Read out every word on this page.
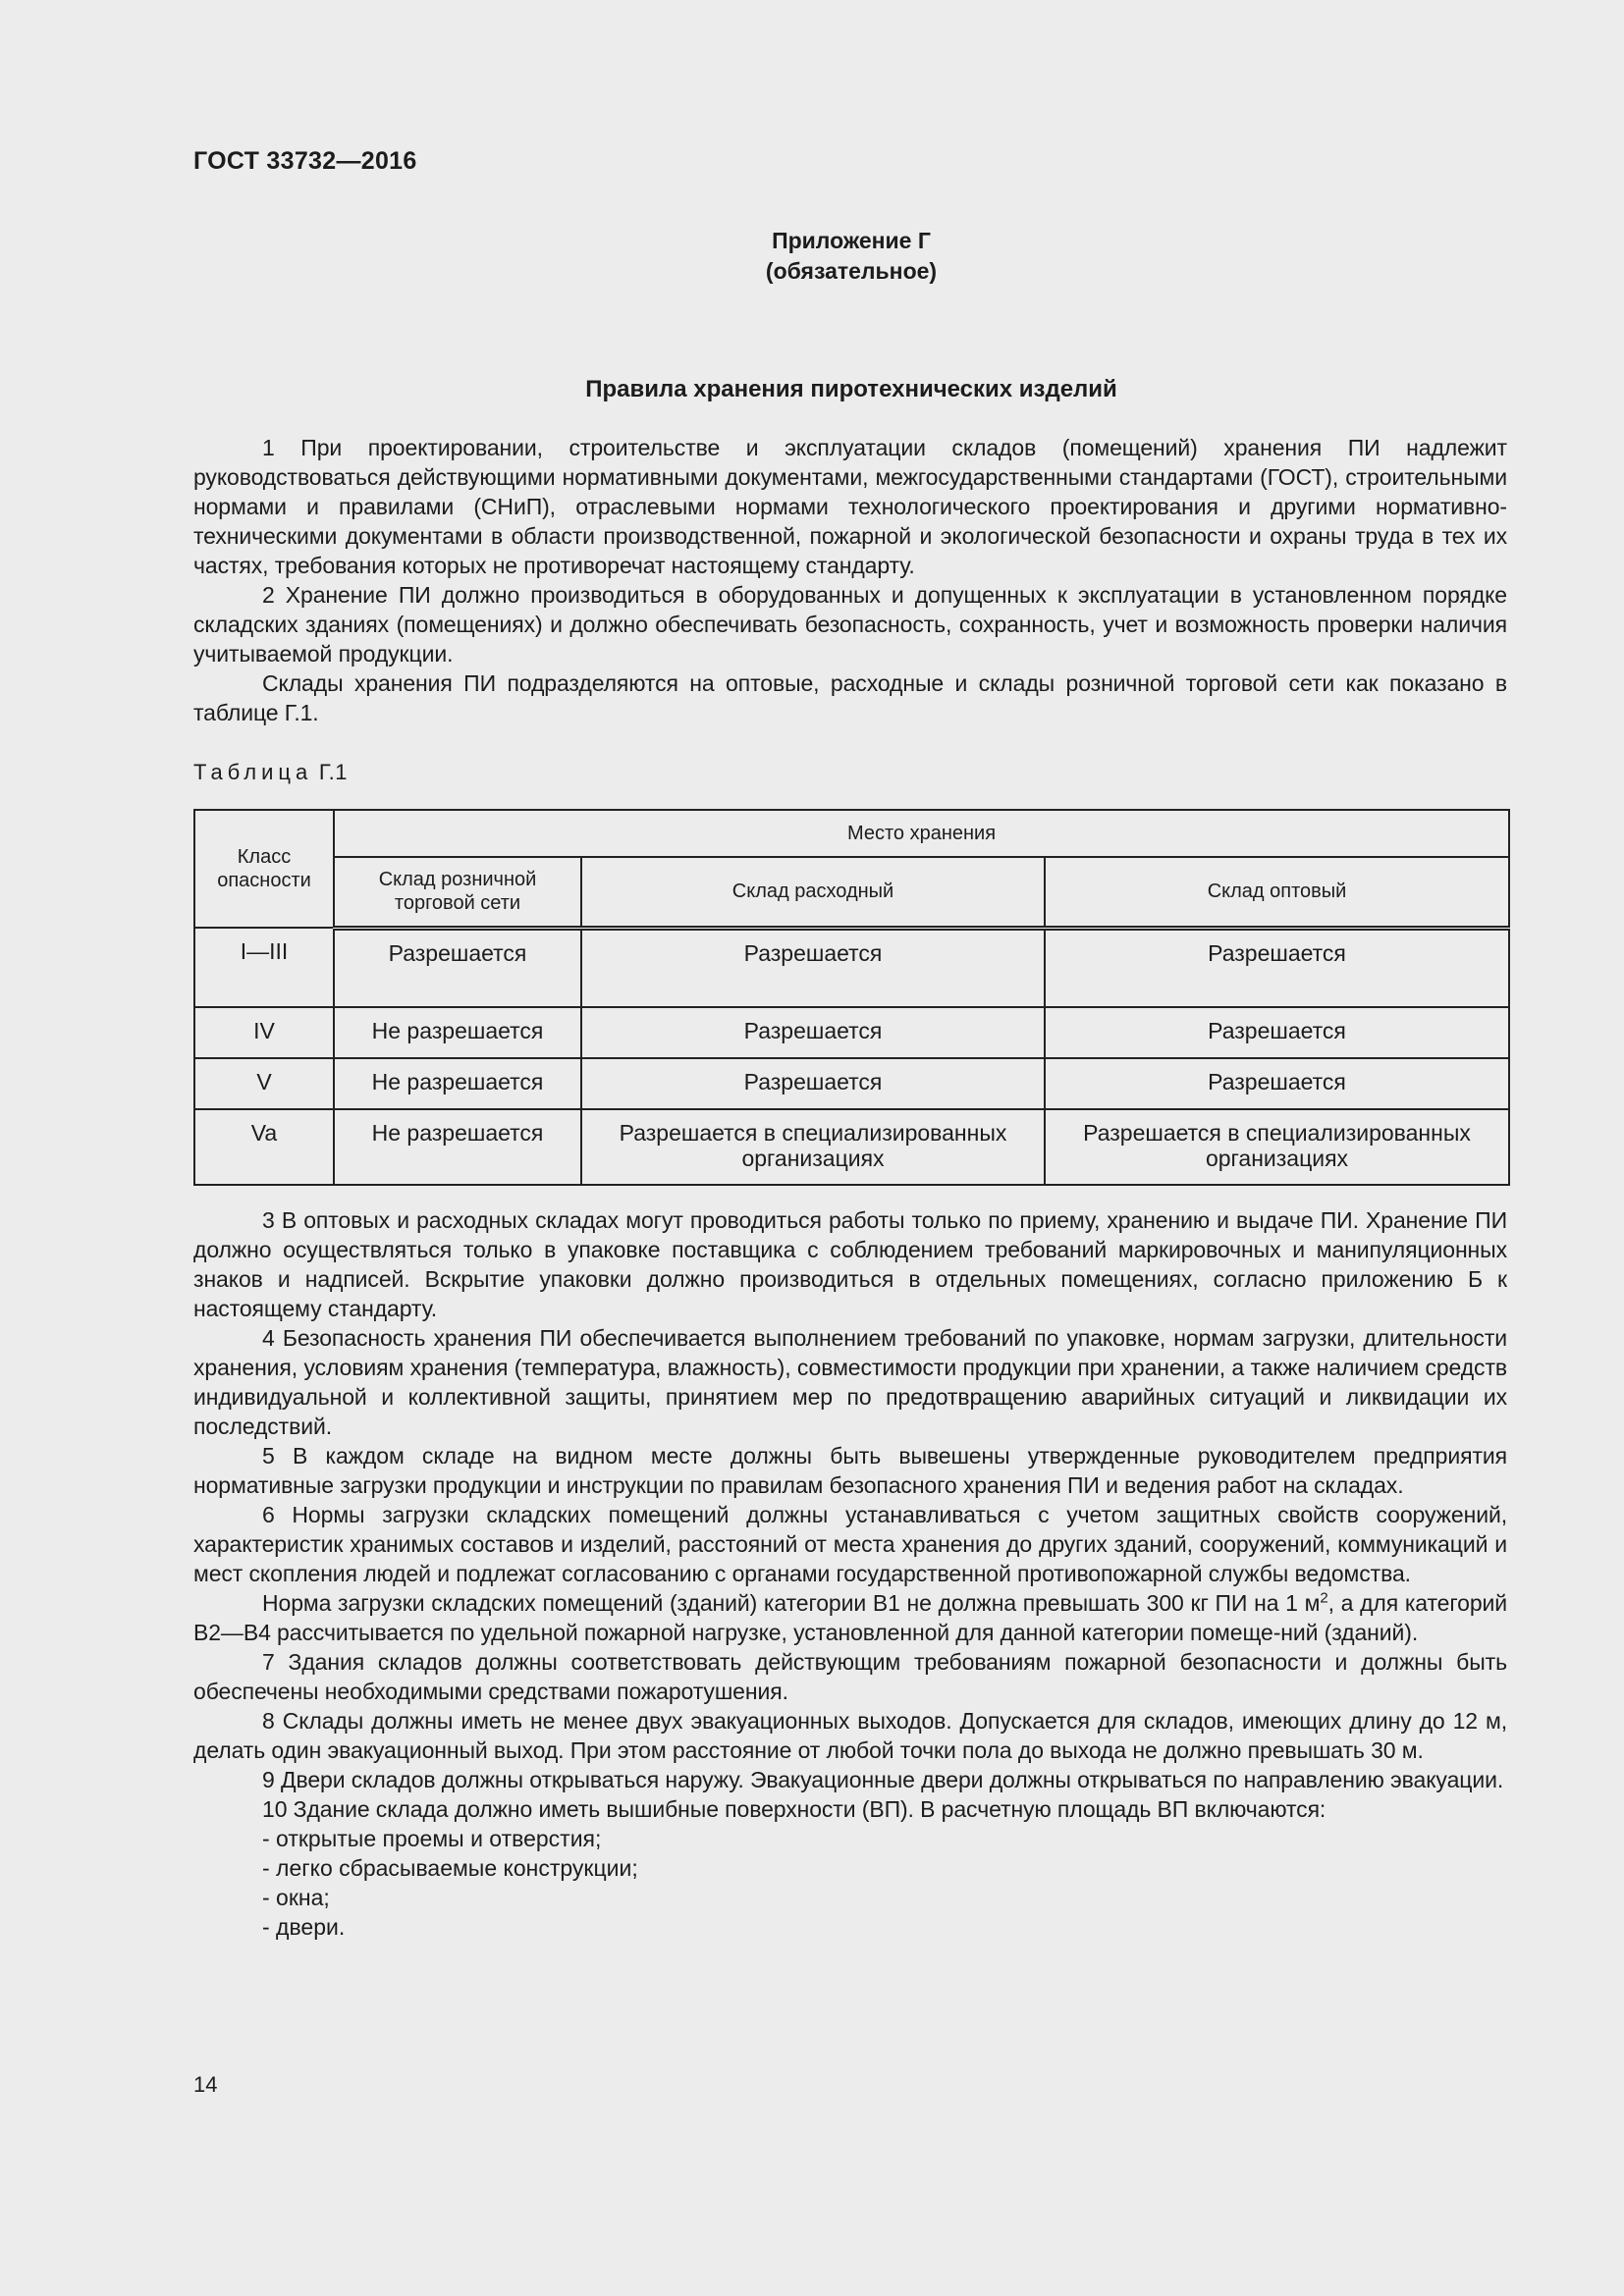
ГОСТ 33732—2016
Приложение Г
(обязательное)
Правила хранения пиротехнических изделий

1 При проектировании, строительстве и эксплуатации складов (помещений) хранения ПИ надлежит руководствоваться действующими нормативными документами, межгосударственными стандартами (ГОСТ), строительными нормами и правилами (СНиП), отраслевыми нормами технологического проектирования и другими нормативно-техническими документами в области производственной, пожарной и экологической безопасности и охраны труда в тех их частях, требования которых не противоречат настоящему стандарту.

2 Хранение ПИ должно производиться в оборудованных и допущенных к эксплуатации в установленном порядке складских зданиях (помещениях) и должно обеспечивать безопасность, сохранность, учет и возможность проверки наличия учитываемой продукции.

Склады хранения ПИ подразделяются на оптовые, расходные и склады розничной торговой сети как показано в таблице Г.1.

Таблица Г.1
Класс опасности	Место хранения		
	Склад розничной торговой сети	Склад расходный	Склад оптовый
I—III	Разрешается	Разрешается	Разрешается
IV	Не разрешается	Разрешается	Разрешается
V	Не разрешается	Разрешается	Разрешается
Va	Не разрешается	Разрешается в специализированных организациях	Разрешается в специализированных организациях

3 В оптовых и расходных складах могут проводиться работы только по приему, хранению и выдаче ПИ. Хранение ПИ должно осуществляться только в упаковке поставщика с соблюдением требований маркировочных и манипуляционных знаков и надписей. Вскрытие упаковки должно производиться в отдельных помещениях, согласно приложению Б к настоящему стандарту.

4 Безопасность хранения ПИ обеспечивается выполнением требований по упаковке, нормам загрузки, длительности хранения, условиям хранения (температура, влажность), совместимости продукции при хранении, а также наличием средств индивидуальной и коллективной защиты, принятием мер по предотвращению аварийных ситуаций и ликвидации их последствий.

5 В каждом складе на видном месте должны быть вывешены утвержденные руководителем предприятия нормативные загрузки продукции и инструкции по правилам безопасного хранения ПИ и ведения работ на складах.

6 Нормы загрузки складских помещений должны устанавливаться с учетом защитных свойств сооружений, характеристик хранимых составов и изделий, расстояний от места хранения до других зданий, сооружений, коммуникаций и мест скопления людей и подлежат согласованию с органами государственной противопожарной службы ведомства.

Норма загрузки складских помещений (зданий) категории В1 не должна превышать 300 кг ПИ на 1 $м^2$, а для категорий В2—В4 рассчитывается по удельной пожарной нагрузке, установленной для данной категории помеще-ний (зданий).

7 Здания складов должны соответствовать действующим требованиям пожарной безопасности и должны быть обеспечены необходимыми средствами пожаротушения.

8 Склады должны иметь не менее двух эвакуационных выходов. Допускается для складов, имеющих длину до 12 м, делать один эвакуационный выход. При этом расстояние от любой точки пола до выхода не должно превышать 30 м.

9 Двери складов должны открываться наружу. Эвакуационные двери должны открываться по направлению эвакуации.

10 Здание склада должно иметь вышибные поверхности (ВП). В расчетную площадь ВП включаются:

- открытые проемы и отверстия;

- легко сбрасываемые конструкции;

- окна;

- двери.

14
